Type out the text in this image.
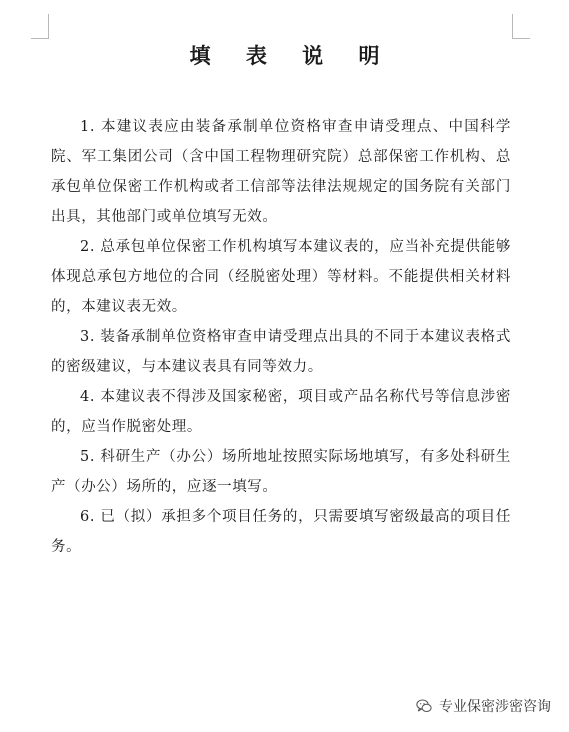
填 表 说 明

1. 本建议表应由装备承制单位资格审查申请受理点、中国科学院、军工集团公司（含中国工程物理研究院）总部保密工作机构、总承包单位保密工作机构或者工信部等法律法规规定的国务院有关部门出具，其他部门或单位填写无效。

2. 总承包单位保密工作机构填写本建议表的，应当补充提供能够体现总承包方地位的合同（经脱密处理）等材料。不能提供相关材料的，本建议表无效。

3. 装备承制单位资格审查申请受理点出具的不同于本建议表格式的密级建议，与本建议表具有同等效力。

4. 本建议表不得涉及国家秘密，项目或产品名称代号等信息涉密的，应当作脱密处理。

5. 科研生产（办公）场所地址按照实际场地填写，有多处科研生产（办公）场所的，应逐一填写。

6. 已（拟）承担多个项目任务的，只需要填写密级最高的项目任务。

专业保密涉密咨询
